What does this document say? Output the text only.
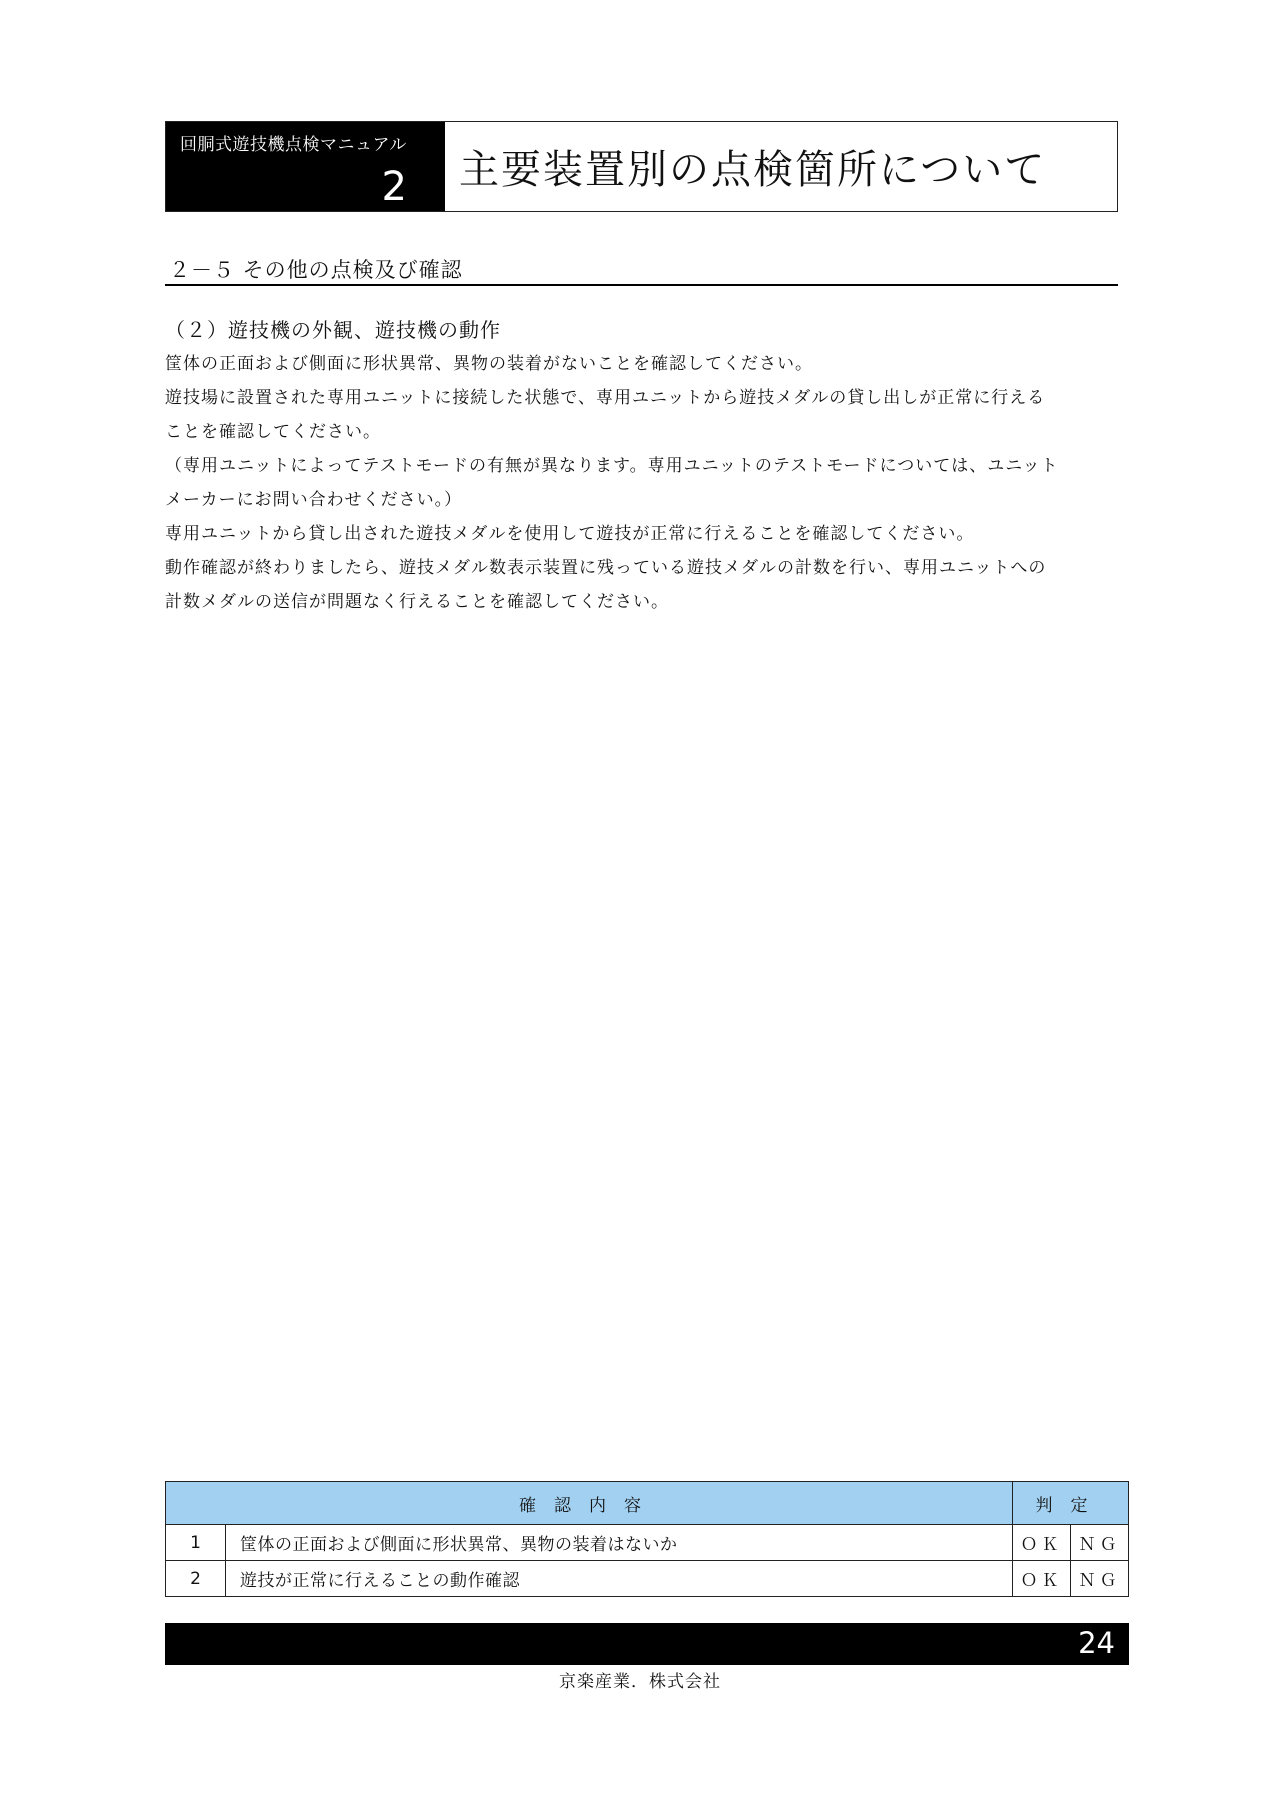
回胴式遊技機点検マニュアル
2 主要装置別の点検箇所について
２－５ その他の点検及び確認
（２）遊技機の外観、遊技機の動作
筐体の正面および側面に形状異常、異物の装着がないことを確認してください。
遊技場に設置された専用ユニットに接続した状態で、専用ユニットから遊技メダルの貸し出しが正常に行える
ことを確認してください。
（専用ユニットによってテストモードの有無が異なります。専用ユニットのテストモードについては、ユニット
メーカーにお問い合わせください。）
専用ユニットから貸し出された遊技メダルを使用して遊技が正常に行えることを確認してください。
動作確認が終わりましたら、遊技メダル数表示装置に残っている遊技メダルの計数を行い、専用ユニットへの
計数メダルの送信が問題なく行えることを確認してください。
確認内容		判定	
1	筐体の正面および側面に形状異常、異物の装着はないか	ＯＫ	ＮＧ
2	遊技が正常に行えることの動作確認	ＯＫ	ＮＧ
24
京楽産業．株式会社
